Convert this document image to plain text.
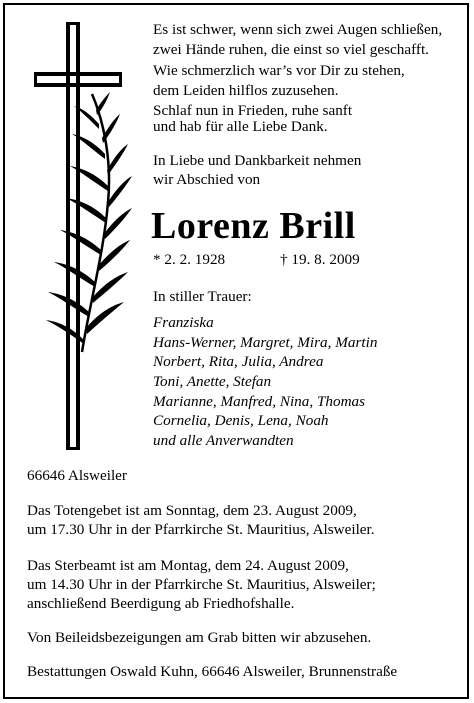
Es ist schwer, wenn sich zwei Augen schließen,
zwei Hände ruhen, die einst so viel geschafft.
Wie schmerzlich war’s vor Dir zu stehen,
dem Leiden hilflos zuzusehen.
Schlaf nun in Frieden, ruhe sanft
und hab für alle Liebe Dank.
In Liebe und Dankbarkeit nehmen
wir Abschied von
Lorenz Brill
* 2. 2. 1928	† 19. 8. 2009
In stiller Trauer:
Franziska
Hans-Werner, Margret, Mira, Martin
Norbert, Rita, Julia, Andrea
Toni, Anette, Stefan
Marianne, Manfred, Nina, Thomas
Cornelia, Denis, Lena, Noah
und alle Anverwandten
66646 Alsweiler
Das Totengebet ist am Sonntag, dem 23. August 2009,
um 17.30 Uhr in der Pfarrkirche St. Mauritius, Alsweiler.
Das Sterbeamt ist am Montag, dem 24. August 2009,
um 14.30 Uhr in der Pfarrkirche St. Mauritius, Alsweiler;
anschließend Beerdigung ab Friedhofshalle.
Von Beileidsbezeigungen am Grab bitten wir abzusehen.
Bestattungen Oswald Kuhn, 66646 Alsweiler, Brunnenstraße
